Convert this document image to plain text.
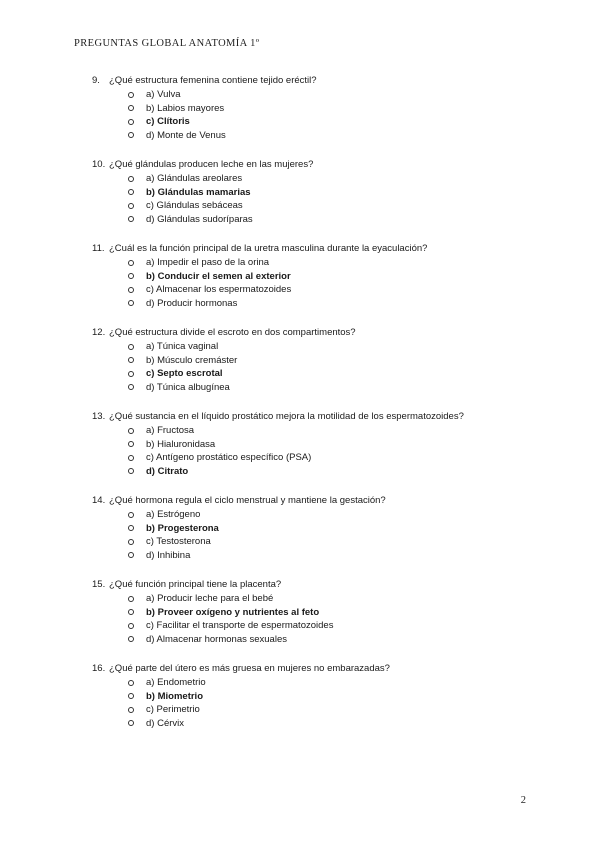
PREGUNTAS GLOBAL ANATOMÍA 1º
9. ¿Qué estructura femenina contiene tejido eréctil?
a) Vulva
b) Labios mayores
c) Clítoris
d) Monte de Venus
10. ¿Qué glándulas producen leche en las mujeres?
a) Glándulas areolares
b) Glándulas mamarias
c) Glándulas sebáceas
d) Glándulas sudoríparas
11. ¿Cuál es la función principal de la uretra masculina durante la eyaculación?
a) Impedir el paso de la orina
b) Conducir el semen al exterior
c) Almacenar los espermatozoides
d) Producir hormonas
12. ¿Qué estructura divide el escroto en dos compartimentos?
a) Túnica vaginal
b) Músculo cremáster
c) Septo escrotal
d) Túnica albugínea
13. ¿Qué sustancia en el líquido prostático mejora la motilidad de los espermatozoides?
a) Fructosa
b) Hialuronidasa
c) Antígeno prostático específico (PSA)
d) Citrato
14. ¿Qué hormona regula el ciclo menstrual y mantiene la gestación?
a) Estrógeno
b) Progesterona
c) Testosterona
d) Inhibina
15. ¿Qué función principal tiene la placenta?
a) Producir leche para el bebé
b) Proveer oxígeno y nutrientes al feto
c) Facilitar el transporte de espermatozoides
d) Almacenar hormonas sexuales
16. ¿Qué parte del útero es más gruesa en mujeres no embarazadas?
a) Endometrio
b) Miometrio
c) Perimetrio
d) Cérvix
2
